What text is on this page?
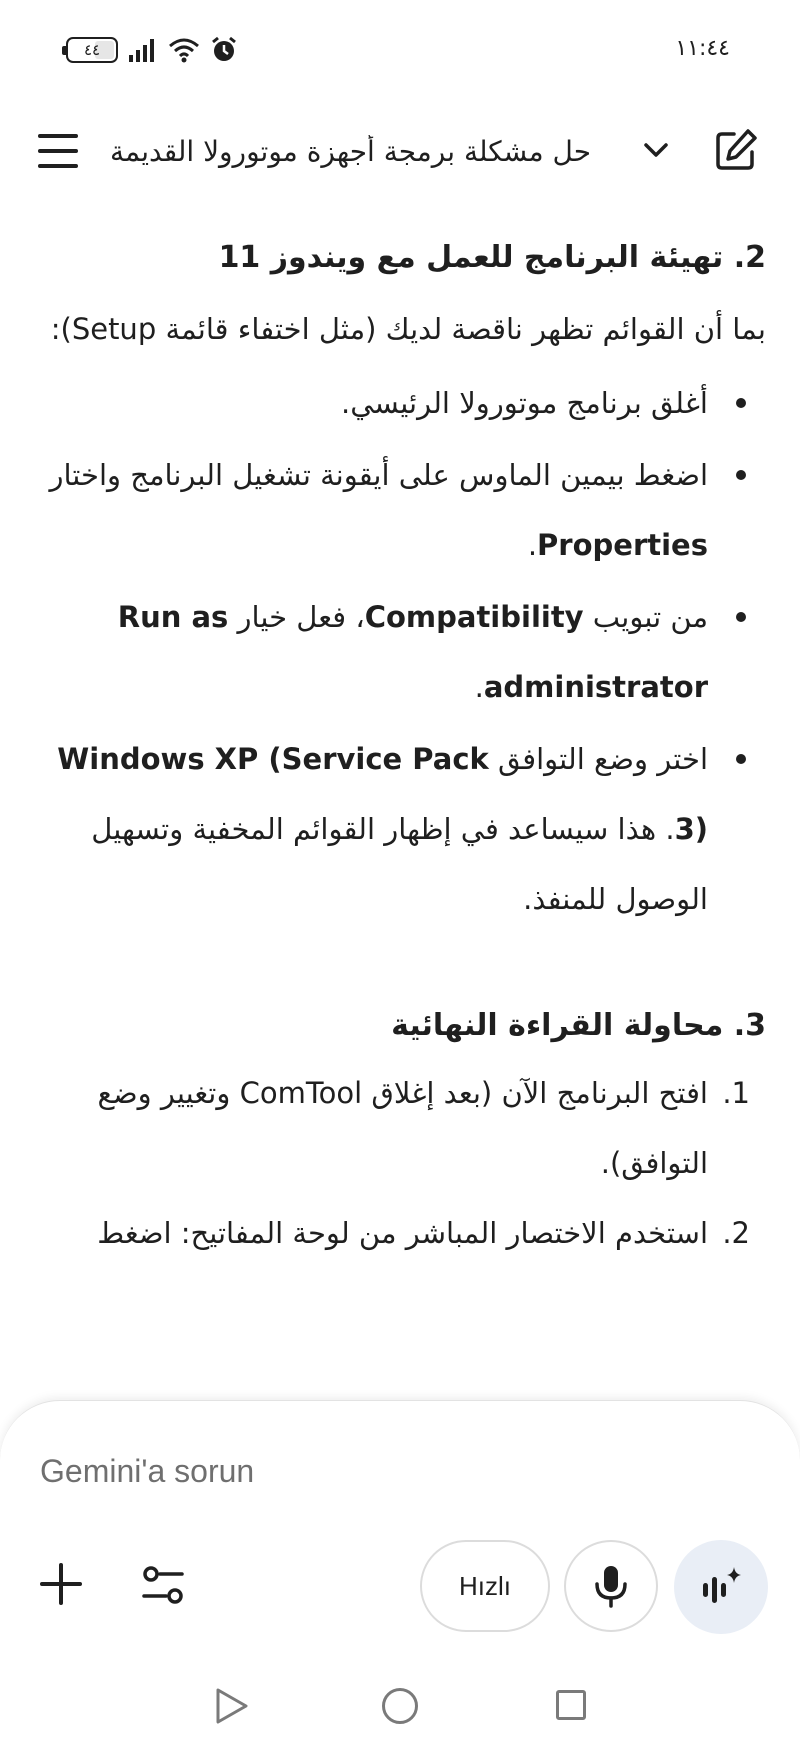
٤٤	١١:٤٤
حل مشكلة برمجة أجهزة موتورولا القديمة
2. تهيئة البرنامج للعمل مع ويندوز 11
بما أن القوائم تظهر ناقصة لديك (مثل اختفاء قائمة Setup):
أغلق برنامج موتورولا الرئيسي.
اضغط بيمين الماوس على أيقونة تشغيل البرنامج واختار Properties.
من تبويب Compatibility، فعل خيار Run as administrator.
اختر وضع التوافق Windows XP (Service Pack 3). هذا سيساعد في إظهار القوائم المخفية وتسهيل الوصول للمنفذ.
3. محاولة القراءة النهائية
1.
افتح البرنامج الآن (بعد إغلاق ComTool وتغيير وضع التوافق).
2.
استخدم الاختصار المباشر من لوحة المفاتيح: اضغط
Gemini'a sorun
Hızlı
